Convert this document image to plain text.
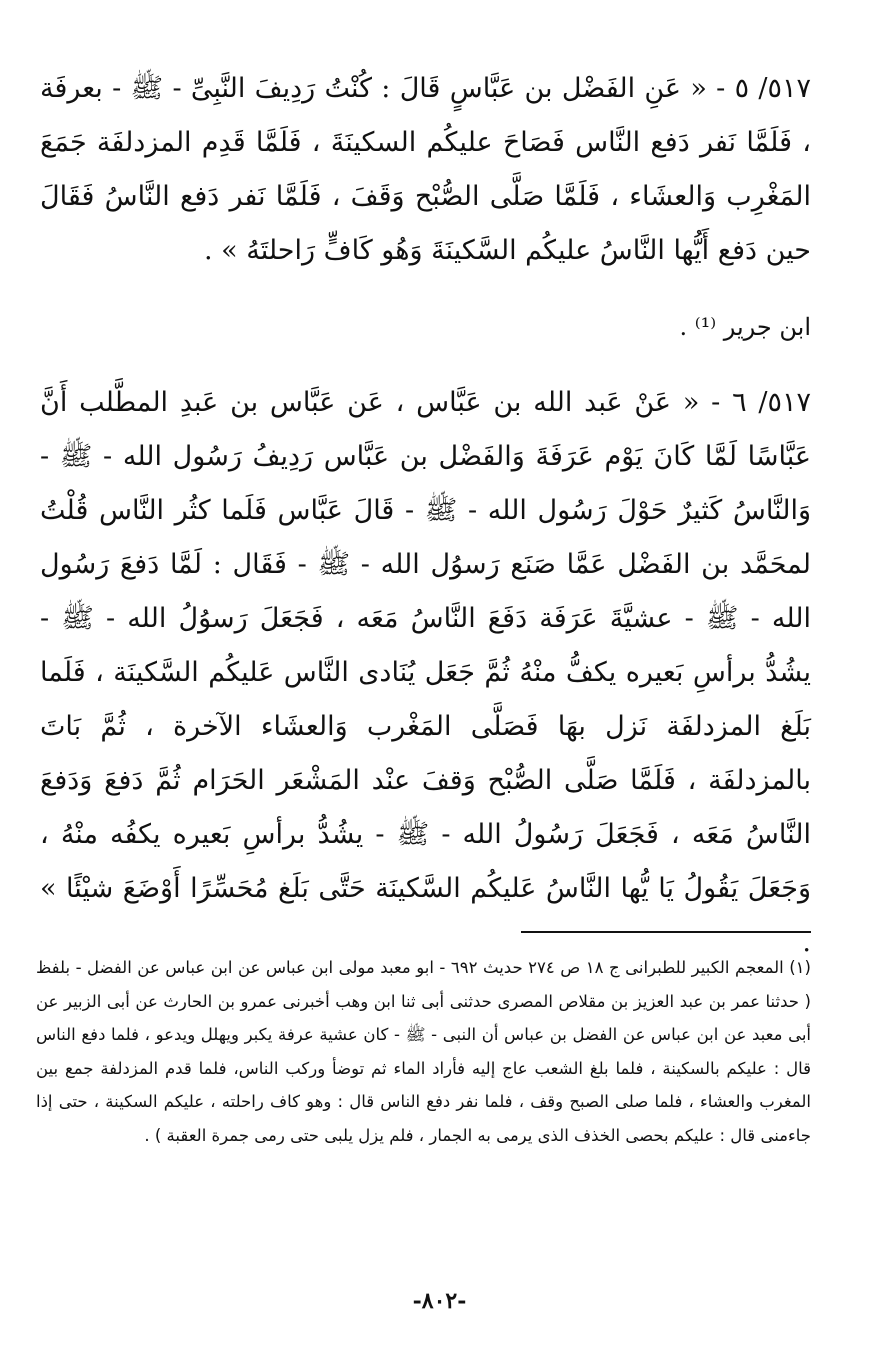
٥١٧/ ٥ - « عَنِ الفَضْل بن عَبَّاسٍ قَالَ : كُنْتُ رَدِيفَ النَّبِىِّ - ﷺ - بعرفَة ، فَلَمَّا نَفر دَفع النَّاس فَصَاحَ عليكُم السكينَةَ ، فَلَمَّا قَدِم المزدلفَة جَمَعَ المَغْرِب وَالعشَاء ، فَلَمَّا صَلَّى الصُّبْح وَقَفَ ، فَلَمَّا نَفر دَفع النَّاسُ فَقَالَ حين دَفع أَيُّها النَّاسُ عليكُم السَّكينَةَ وَهُو كَافٍّ رَاحلتَهُ » .

ابن جرير ⁽¹⁾ .

٥١٧/ ٦ - « عَنْ عَبد الله بن عَبَّاس ، عَن عَبَّاس بن عَبدِ المطَّلب أَنَّ عَبَّاسًا لَمَّا كَانَ يَوْم عَرَفَةَ وَالفَضْل بن عَبَّاس رَدِيفُ رَسُول الله - ﷺ - وَالنَّاسُ كَثيرٌ حَوْلَ رَسُول الله - ﷺ - قَالَ عَبَّاس فَلَما كثُر النَّاس قُلْتُ لمحَمَّد بن الفَضْل عَمَّا صَنَع رَسوُل الله - ﷺ - فَقَال : لَمَّا دَفعَ رَسُول الله - ﷺ - عشيَّةَ عَرَفَة دَفَعَ النَّاسُ مَعَه ، فَجَعَلَ رَسوُلُ الله - ﷺ - يشُدُّ برأسِ بَعيره يكفُّ منْهُ ثُمَّ جَعَل يُنَادى النَّاس عَليكُم السَّكينَة ، فَلَما بَلَغ المزدلفَة نَزل بهَا فَصَلَّى المَغْرب وَالعشَاء الآخرة ، ثُمَّ بَاتَ بالمزدلفَة ، فَلَمَّا صَلَّى الصُّبْح وَقفَ عنْد المَشْعَر الحَرَام ثُمَّ دَفعَ وَدَفعَ النَّاسُ مَعَه ، فَجَعَلَ رَسُولُ الله - ﷺ - يشُدُّ برأسِ بَعيره يكفُه منْهُ ، وَجَعَلَ يَقُولُ يَا يُّها النَّاسُ عَليكُم السَّكينَة حَتَّى بَلَغ مُحَسِّرًا أَوْضَعَ شيْئًا » .

(١) المعجم الكبير للطبرانى ج ١٨ ص ٢٧٤ حديث ٦٩٢ - ابو معبد مولى ابن عباس عن ابن عباس عن الفضل - بلفظ ( حدثنا عمر بن عبد العزيز بن مقلاص المصرى حدثنى أبى ثنا ابن وهب أخبرنى عمرو بن الحارث عن أبى الزبير عن أبى معبد عن ابن عباس عن الفضل بن عباس أن النبى - ﷺ - كان عشية عرفة يكبر ويهلل ويدعو ، فلما دفع الناس قال : عليكم بالسكينة ، فلما بلغ الشعب عاج إليه فأراد الماء ثم توضأ وركب الناس، فلما قدم المزدلفة جمع بين المغرب والعشاء ، فلما صلى الصبح وقف ، فلما نفر دفع الناس قال : وهو كاف راحلته ، عليكم السكينة ، حتى إذا جاءمنى قال : عليكم بحصى الخذف الذى يرمى به الجمار ، فلم يزل يلبى حتى رمى جمرة العقبة ) .

-٨٠٢-
